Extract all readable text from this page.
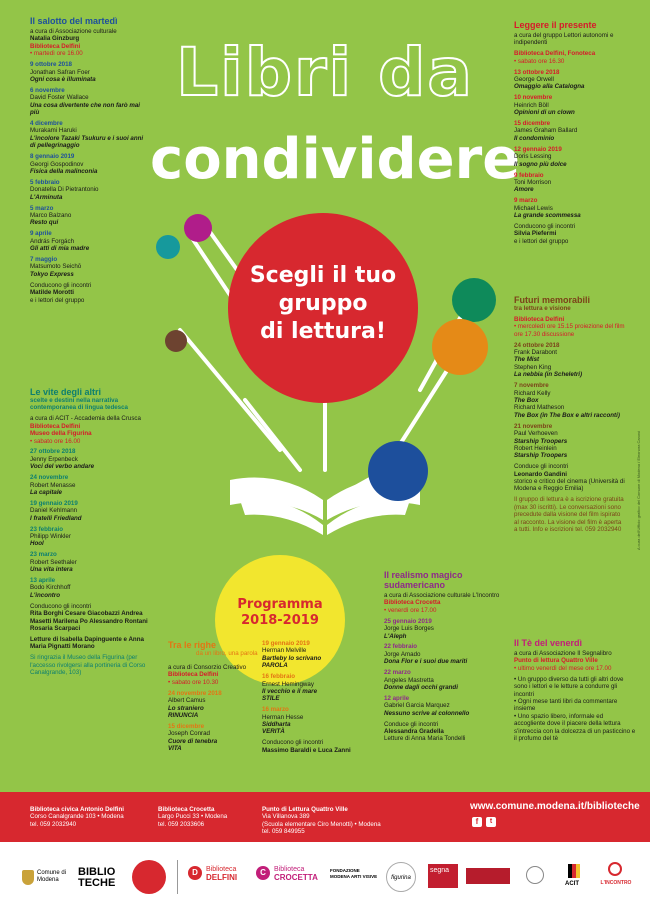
Libri da
condividere
Scegli il tuo
gruppo
di lettura!
Programma
2018-2019
Il salotto del martedì
a cura di Associazione culturale
Natalia Ginzburg
Biblioteca Delfini
• martedì ore 16.00
9 ottobre 2018
Jonathan Safran Foer
Ogni cosa è illuminata
6 novembre
David Foster Wallace
Una cosa divertente che non farò mai più
4 dicembre
Murakami Haruki
L'incolore Tazaki Tsukuru e i suoi anni di pellegrinaggio
8 gennaio 2019
Georgi Gospodinov
Fisica della malinconia
5 febbraio
Donatella Di Pietrantonio
L'Arminuta
5 marzo
Marco Balzano
Resto qui
9 aprile
András Forgách
Gli atti di mia madre
7 maggio
Matsumoto Seichō
Tokyo Express
Conducono gli incontri
Matilde Morotti
e i lettori del gruppo
Le vite degli altri
scelte e destini nella narrativa contemporanea di lingua tedesca
a cura di ACIT - Accademia della Crusca
Biblioteca Delfini
Museo della Figurina
• sabato ore 16.00
27 ottobre 2018
Jenny Erpenbeck
Voci del verbo andare
24 novembre
Robert Menasse
La capitale
19 gennaio 2019
Daniel Kehlmann
I fratelli Friedland
23 febbraio
Philipp Winkler
Hool
23 marzo
Robert Seethaler
Una vita intera
13 aprile
Bodo Kirchhoff
L'incontro
Conducono gli incontri
Rita Borghi Cesare Giacobazzi Andrea Masetti Marilena Po Alessandro Rontani Rosaria Scarpaci
Letture di Isabella Dapinguente e Anna Maria Pignatti Morano
Si ringrazia il Museo della Figurina (per l'accesso rivolgersi alla portineria di Corso Canalgrande, 103)
Leggere il presente
a cura del gruppo Lettori autonomi e indipendenti
Biblioteca Delfini, Fonoteca
• sabato ore 16.30
13 ottobre 2018
George Orwell
Omaggio alla Catalogna
10 novembre
Heinrich Böll
Opinioni di un clown
15 dicembre
James Graham Ballard
Il condominio
12 gennaio 2019
Doris Lessing
Il sogno più dolce
9 febbraio
Toni Morrison
Amore
9 marzo
Michael Lewis
La grande scommessa
Conducono gli incontri
Silvia Piefermi
e i lettori del gruppo
Futuri memorabili
tra lettura e visione
Biblioteca Delfini
• mercoledì ore 15.15 proiezione del film ore 17.30 discussione
24 ottobre 2018
Frank Darabont
The Mist
Stephen King
La nebbia (in Scheletri)
7 novembre
Richard Kelly
The Box
Richard Matheson
The Box (in The Box e altri racconti)
21 novembre
Paul Verhoeven
Starship Troopers
Robert Heinlein
Starship Troopers
Conduce gli incontri
Leonardo Gandini
storico e critico del cinema (Università di Modena e Reggio Emilia)
Il gruppo di lettura è a iscrizione gratuita (max 30 iscritti). Le conversazioni sono precedute dalla visione del film ispirato al racconto. La visione del film è aperta a tutti. Info e iscrizioni tel. 059 2032940	A cura dell'Ufficio grafico del Comune di Modena / Eleonora Canovi
Il realismo magico sudamericano
a cura di Associazione culturale L'Incontro
Biblioteca Crocetta
• venerdì ore 17.00
25 gennaio 2019
Jorge Luis Borges
L'Aleph
22 febbraio
Jorge Amado
Dona Flor e i suoi due mariti
22 marzo
Angeles Mastretta
Donne dagli occhi grandi
12 aprile
Gabriel Garcia Marquez
Nessuno scrive al colonnello
Conduce gli incontri
Alessandra Gradella
Letture di Anna Maria Tondelli
Tra le righe
da un libro, una parola
a cura di Consorzio Creativo
Biblioteca Delfini
• sabato ore 10.30
24 novembre 2018
Albert Camus
Lo straniero
RINUNCIA
15 dicembre
Joseph Conrad
Cuore di tenebra
VITA
19 gennaio 2019
Herman Melville
Bartleby lo scrivano
PAROLA
16 febbraio
Ernest Hemingway
Il vecchio e il mare
STILE
16 marzo
Herman Hesse
Siddharta
VERITÀ
Conducono gli incontri
Massimo Baraldi e Luca Zanni
Il Tè del venerdì
a cura di Associazione Il Segnalibro
Punto di lettura Quattro Ville
• ultimo venerdì del mese ore 17.00
• Un gruppo diverso da tutti gli altri dove sono i lettori e le letture a condurre gli incontri
• Ogni mese tanti libri da commentare insieme
• Uno spazio libero, informale ed accogliente dove il piacere della lettura s'intreccia con la dolcezza di un pasticcino e il profumo del tè
Biblioteca civica Antonio Delfini
Corso Canalgrande 103 • Modena
tel. 059 2032940
Biblioteca Crocetta
Largo Pucci 33 • Modena
tel. 059 2033606
Punto di Lettura Quattro Ville
Via Villanova 389
(Scuola elementare Ciro Menotti) • Modena
tel. 059 849955
www.comune.modena.it/biblioteche
f	t
Comune di Modena
BIBLIO
TECHE
D	Biblioteca
DELFINI
C	Biblioteca
CROCETTA
FONDAZIONE MODENA ARTI VISIVE	figurina
segna
ACIT	L'INCONTRO
